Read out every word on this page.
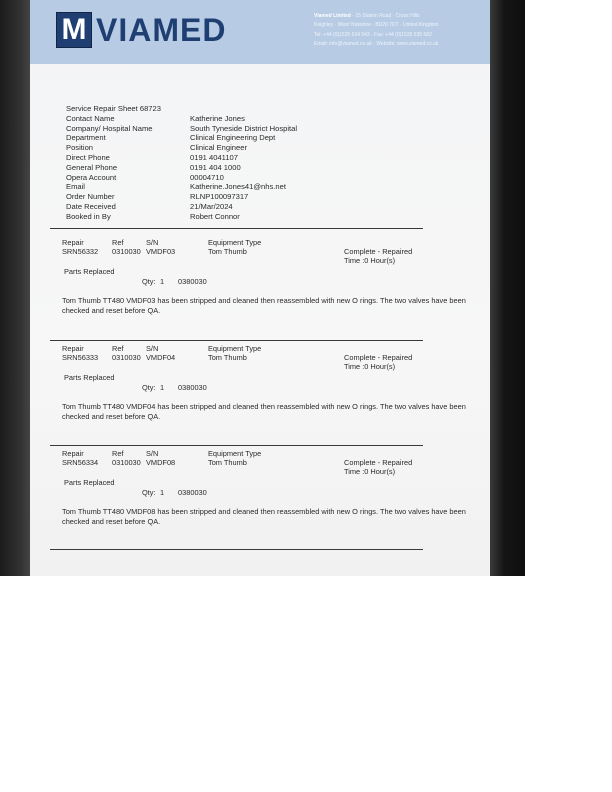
M VIAMED	Viamed Limited · 15 Station Road · Cross Hills
Keighley · West Yorkshire · BD20 7DT · United Kingdom
Tel: +44 (0)1535 634 542 · Fax: +44 (0)1535 635 582
Email: info@viamed.co.uk · Website: www.viamed.co.uk
Service Repair Sheet 68723
Contact Name	Katherine Jones
Company/ Hospital Name	South Tyneside District Hospital
Department	Clinical Engineering Dept
Position	Clinical Engineer
Direct Phone	0191 4041107
General Phone	0191 404 1000
Opera Account	00004710
Email	Katherine.Jones41@nhs.net
Order Number	RLNP100097317
Date Received	21/Mar/2024
Booked in By	Robert Connor
Repair	Ref	S/N	Equipment Type
SRN56332 0310030 VMDF03	Tom Thumb	Complete - Repaired
Time :0 Hour(s)
Parts Replaced
Qty: 1 0380030
Tom Thumb TT480 VMDF03 has been stripped and cleaned then reassembled with new O rings. The two valves have been checked and reset before QA.
Repair	Ref	S/N	Equipment Type
SRN56333 0310030 VMDF04	Tom Thumb	Complete - Repaired
Time :0 Hour(s)
Parts Replaced
Qty: 1 0380030
Tom Thumb TT480 VMDF04 has been stripped and cleaned then reassembled with new O rings. The two valves have been checked and reset before QA.
Repair	Ref	S/N	Equipment Type
SRN56334 0310030 VMDF08	Tom Thumb	Complete - Repaired
Time :0 Hour(s)
Parts Replaced
Qty: 1 0380030
Tom Thumb TT480 VMDF08 has been stripped and cleaned then reassembled with new O rings. The two valves have been checked and reset before QA.
